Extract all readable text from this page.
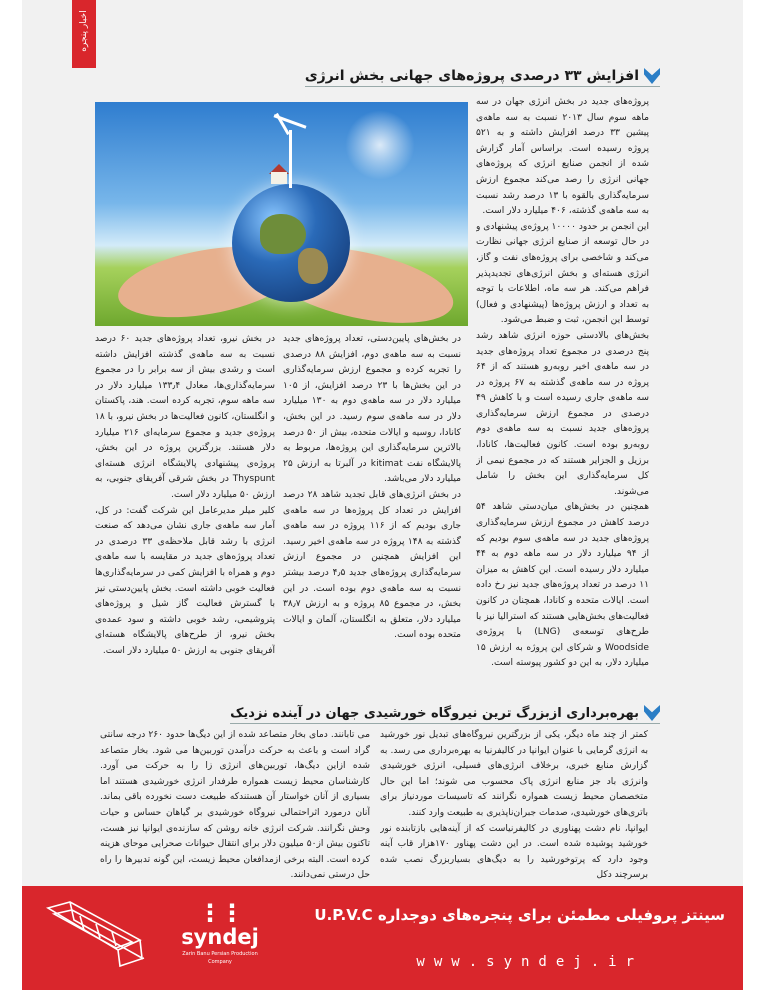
اخبار پنجره
افزایش ۳۳ درصدی پروژه‌های جهانی بخش انرژی

پروژه‌های جدید در بخش انرژی جهان در سه ماهه سوم سال ۲۰۱۳ نسبت به سه ماهه‌ی پیشین ۳۳ درصد افزایش داشته و به ۵۲۱ پروژه رسیده است. براساس آمار گزارش شده از انجمن صنایع انرژی که پروژه‌های جهانی انرژی را رصد می‌کند مجموع ارزش سرمایه‌گذاری بالقوه با ۱۳ درصد رشد نسبت به سه ماهه‌ی گذشته، ۴۰۶ میلیارد دلار است.

این انجمن بر حدود ۱۰۰۰۰ پروژه‌ی پیشنهادی و در حال توسعه از صنایع انرژی جهانی نظارت می‌کند و شاخصی برای پروژه‌های نفت و گاز، انرژی هسته‌ای و بخش انرژی‌های تجدیدپذیر فراهم می‌کند. هر سه ماه، اطلاعات با توجه به تعداد و ارزش پروژه‌ها (پیشنهادی و فعال) توسط این انجمن، ثبت و ضبط می‌شود.

بخش‌های بالادستی حوزه انرژی شاهد رشد پنج درصدی در مجموع تعداد پروژه‌های جدید در سه ماهه‌ی اخیر روبه‌رو هستند که از ۶۴ پروژه در سه ماهه‌ی گذشته به ۶۷ پروژه در سه ماهه‌ی جاری رسیده است و با کاهش ۴۹ درصدی در مجموع ارزش سرمایه‌گذاری پروژه‌های جدید نسبت به سه ماهه‌ی دوم روبه‌رو بوده است. کانون فعالیت‌ها، کانادا، برزیل و الجزایر هستند که در مجموع نیمی از کل سرمایه‌گذاری این بخش را شامل می‌شوند.

همچنین در بخش‌های میان‌دستی شاهد ۵۴ درصد کاهش در مجموع ارزش سرمایه‌گذاری پروژه‌های جدید در سه ماهه‌ی سوم بودیم که از ۹۴ میلیارد دلار در سه ماهه دوم به ۴۴ میلیارد دلار رسیده است. این کاهش به میزان ۱۱ درصد در تعداد پروژه‌های جدید نیز رخ داده است. ایالات متحده و کانادا، همچنان در کانون فعالیت‌های بخش‌هایی هستند که استرالیا نیز با طرح‌های توسعه‌ی (LNG) با پروژه‌ی Woodside و شرکای این پروژه به ارزش ۱۵ میلیارد دلار، به این دو کشور پیوسته است.

در بخش‌های پایین‌دستی، تعداد پروژه‌های جدید نسبت به سه ماهه‌ی دوم، افزایش ۸۸ درصدی را تجربه کرده و مجموع ارزش سرمایه‌گذاری در این بخش‌ها با ۲۳ درصد افزایش، از ۱۰۵ میلیارد دلار در سه ماهه‌ی دوم به ۱۳۰ میلیارد دلار در سه ماهه‌ی سوم رسید. در این بخش، کانادا، روسیه و ایالات متحده، بیش از ۵۰ درصد بالاترین سرمایه‌گذاری این پروژه‌ها، مربوط به پالایشگاه نفت kitimat در آلبرتا به ارزش ۲۵ میلیارد دلار می‌باشد.

در بخش انرژی‌های قابل تجدید شاهد ۲۸ درصد افزایش در تعداد کل پروژه‌ها در سه ماهه‌ی جاری بودیم که از ۱۱۶ پروژه در سه ماهه‌ی گذشته به ۱۴۸ پروژه در سه ماهه‌ی اخیر رسید. این افزایش همچنین در مجموع ارزش سرمایه‌گذاری پروژه‌های جدید ۴٫۵ درصد بیشتر نسبت به سه ماهه‌ی دوم بوده است. در این بخش، در مجموع ۸۵ پروژه و به ارزش ۳۸٫۷ میلیارد دلار، متعلق به انگلستان، آلمان و ایالات متحده بوده است.

در بخش نیرو، تعداد پروژه‌های جدید ۶۰ درصد نسبت به سه ماهه‌ی گذشته افزایش داشته است و رشدی بیش از سه برابر را در مجموع سرمایه‌گذاری‌ها، معادل ۱۳۳٫۴ میلیارد دلار در سه ماهه سوم، تجربه کرده است. هند، پاکستان و انگلستان، کانون فعالیت‌ها در بخش نیرو، با ۱۸ پروژه‌ی جدید و مجموع سرمایه‌ای ۲۱۶ میلیارد دلار هستند. بزرگترین پروژه در این بخش، پروژه‌ی پیشنهادی پالایشگاه انرژی هسته‌ای Thyspunt در بخش شرقی آفریقای جنوبی، به ارزش ۵۰ میلیارد دلار است.

کلیر میلر مدیرعامل این شرکت گفت: در کل، آمار سه ماهه‌ی جاری نشان می‌دهد که صنعت انرژی با رشد قابل ملاحظه‌ی ۳۳ درصدی در تعداد پروژه‌های جدید در مقایسه با سه ماهه‌ی دوم و همراه با افزایش کمی در سرمایه‌گذاری‌ها فعالیت خوبی داشته است. بخش پایین‌دستی نیز با گسترش فعالیت گاز شیل و پروژه‌های پتروشیمی، رشد خوبی داشته و سود عمده‌ی بخش نیرو، از طرح‌های پالایشگاه هسته‌ای آفریقای جنوبی به ارزش ۵۰ میلیارد دلار است.

بهره‌برداری ازبزرگ ترین نیروگاه خورشیدی جهان در آینده نزدیک

کمتر از چند ماه دیگر، یکی از بزرگترین نیروگاه‌های تبدیل نور خورشید به انرژی گرمایی با عنوان ایوانپا در کالیفرنیا به بهره‌برداری می رسد. به گزارش منابع خبری، برخلاف انرژی‌های فسیلی، انرژی خورشیدی وانرژی باد جز منابع انرژی پاک محسوب می شوند؛ اما این حال متخصصان محیط زیست همواره نگرانند که تاسیسات موردنیاز برای باتری‌های خورشیدی، صدمات جبران‌ناپذیری به طبیعت وارد کنند.

ایوانپا، نام دشت پهناوری در کالیفرنیاست که از آینه‌هایی بازتابنده نور خورشید پوشیده شده است. در این دشت پهناور ۱۷۰هزار قاب آینه وجود دارد که پرتوخورشید را به دیگ‌های بسیاربزرگ نصب شده برسرچند دکل

می تابانند. دمای بخار متصاعد شده از این دیگ‌ها حدود ۲۶۰ درجه سانتی گراد است و باعث به حرکت درآمدن توربین‌ها می شود. بخار متصاعد شده ازاین دیگ‌ها، توربین‌های انرژی زا را به حرکت می آورد. کارشناسان محیط زیست همواره طرفدار انرژی خورشیدی هستند اما بسیاری از آنان خواستار آن هستندکه طبیعت دست نخورده باقی بماند. آنان درمورد اثراحتمالی نیروگاه خورشیدی بر گیاهان حساس و حیات وحش نگرانند. شرکت انرژی خانه روشن که سازنده‌ی ایوانپا نیز هست، تاکنون بیش از۵۰ میلیون دلار برای انتقال حیوانات صحرایی موحای هزینه کرده است. البته برخی ازمدافعان محیط زیست، این گونه تدبیرها را راه حل درستی نمی‌دانند.

⋮⋮
syndej
Zarin Banu Persian Production Company
سینتز پروفیلی مطمئن برای پنجره‌های دوجداره U.P.V.C
www.syndej.ir
